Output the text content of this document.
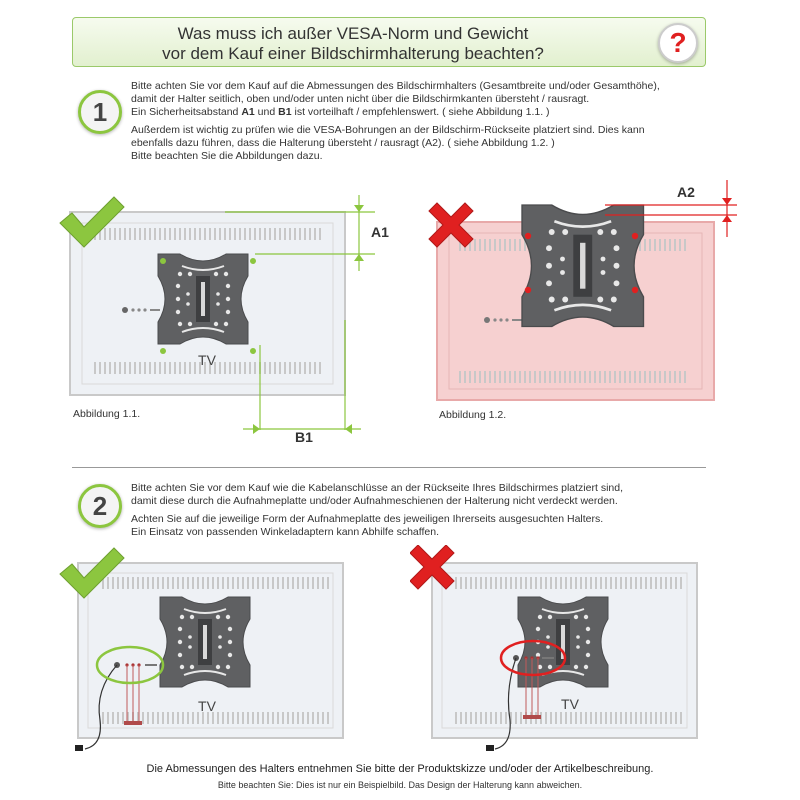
Was muss ich außer VESA-Norm und Gewicht
vor dem Kauf einer Bildschirmhalterung beachten?	?
1
Bitte achten Sie vor dem Kauf auf die Abmessungen des Bildschirmhalters (Gesamtbreite und/oder Gesamthöhe),
damit der Halter seitlich, oben und/oder unten nicht über die Bildschirmkanten übersteht / rausragt.
Ein Sicherheitsabstand A1 und B1 ist vorteilhaft / empfehlenswert. ( siehe Abbildung 1.1. )
Außerdem ist wichtig zu prüfen wie die VESA-Bohrungen an der Bildschirm-Rückseite platziert sind. Dies kann
ebenfalls dazu führen, dass die Halterung übersteht / rausragt (A2). ( siehe Abbildung 1.2. )
Bitte beachten Sie die Abbildungen dazu.
TV
A1
B1
Abbildung 1.1.
A2
Abbildung 1.2.
2
Bitte achten Sie vor dem Kauf wie die Kabelanschlüsse an der Rückseite Ihres Bildschirmes platziert sind,
damit diese durch die Aufnahmeplatte und/oder Aufnahmeschienen der Halterung nicht verdeckt werden.
Achten Sie auf die jeweilige Form der Aufnahmeplatte des jeweiligen Ihrerseits ausgesuchten Halters.
Ein Einsatz von passenden Winkeladaptern kann Abhilfe schaffen.
TV	TV
Die Abmessungen des Halters entnehmen Sie bitte der Produktskizze und/oder der Artikelbeschreibung.
Bitte beachten Sie: Dies ist nur ein Beispielbild. Das Design der Halterung kann abweichen.
